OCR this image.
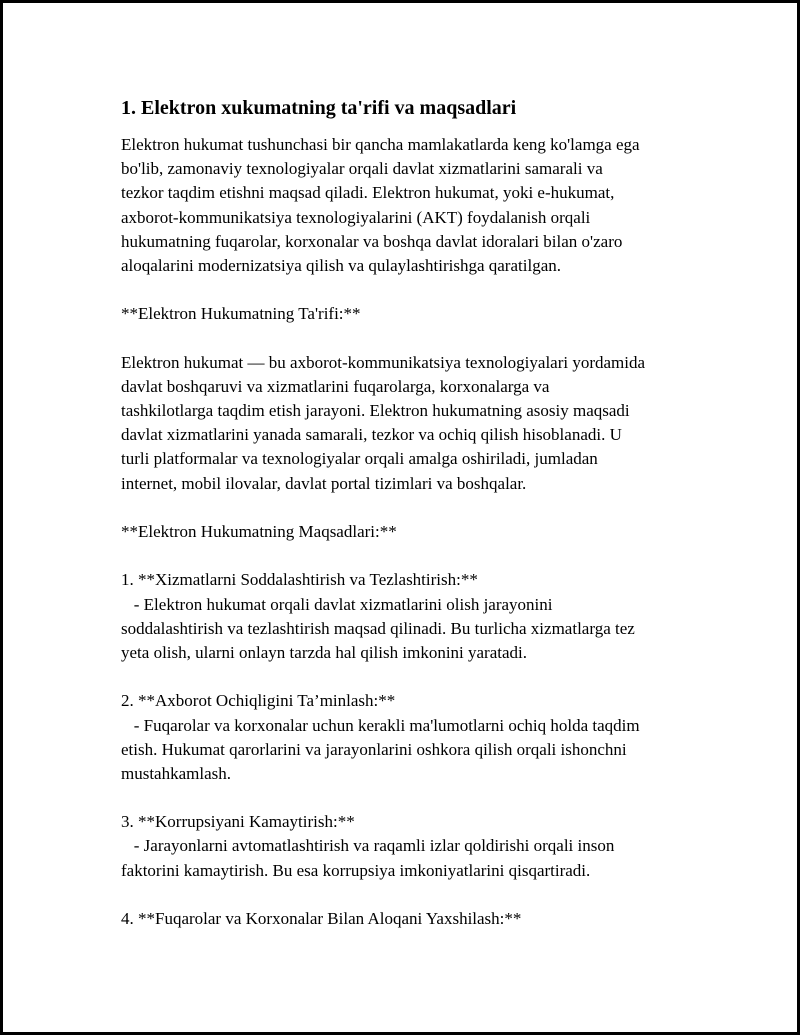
1. Elektron xukumatning ta'rifi va maqsadlari
Elektron hukumat tushunchasi bir qancha mamlakatlarda keng ko'lamga ega
bo'lib, zamonaviy texnologiyalar orqali davlat xizmatlarini samarali va
tezkor taqdim etishni maqsad qiladi. Elektron hukumat, yoki e-hukumat,
axborot-kommunikatsiya texnologiyalarini (AKT) foydalanish orqali
hukumatning fuqarolar, korxonalar va boshqa davlat idoralari bilan o'zaro
aloqalarini modernizatsiya qilish va qulaylashtirishga qaratilgan.
**Elektron Hukumatning Ta'rifi:**
Elektron hukumat — bu axborot-kommunikatsiya texnologiyalari yordamida
davlat boshqaruvi va xizmatlarini fuqarolarga, korxonalarga va
tashkilotlarga taqdim etish jarayoni. Elektron hukumatning asosiy maqsadi
davlat xizmatlarini yanada samarali, tezkor va ochiq qilish hisoblanadi. U
turli platformalar va texnologiyalar orqali amalga oshiriladi, jumladan
internet, mobil ilovalar, davlat portal tizimlari va boshqalar.
**Elektron Hukumatning Maqsadlari:**
1. **Xizmatlarni Soddalashtirish va Tezlashtirish:**
- Elektron hukumat orqali davlat xizmatlarini olish jarayonini
soddalashtirish va tezlashtirish maqsad qilinadi. Bu turlicha xizmatlarga tez
yeta olish, ularni onlayn tarzda hal qilish imkonini yaratadi.
2. **Axborot Ochiqligini Ta’minlash:**
- Fuqarolar va korxonalar uchun kerakli ma'lumotlarni ochiq holda taqdim
etish. Hukumat qarorlarini va jarayonlarini oshkora qilish orqali ishonchni
mustahkamlash.
3. **Korrupsiyani Kamaytirish:**
- Jarayonlarni avtomatlashtirish va raqamli izlar qoldirishi orqali inson
faktorini kamaytirish. Bu esa korrupsiya imkoniyatlarini qisqartiradi.
4. **Fuqarolar va Korxonalar Bilan Aloqani Yaxshilash:**
